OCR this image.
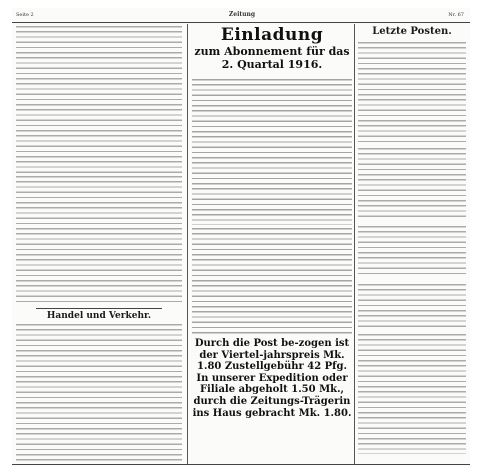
Seite 2	Zeitung	Nr. 67

Handel und Verkehr.

Einladung

zum Abonnement für das

2. Quartal 1916.

Durch die Post be-zogen ist der Viertel-jahrspreis Mk. 1.80 Zustellgebühr 42 Pfg. In unserer Expedition oder Filiale abgeholt 1.50 Mk., durch die Zeitungs-Trägerin ins Haus gebracht Mk. 1.80.

Letzte Posten.
